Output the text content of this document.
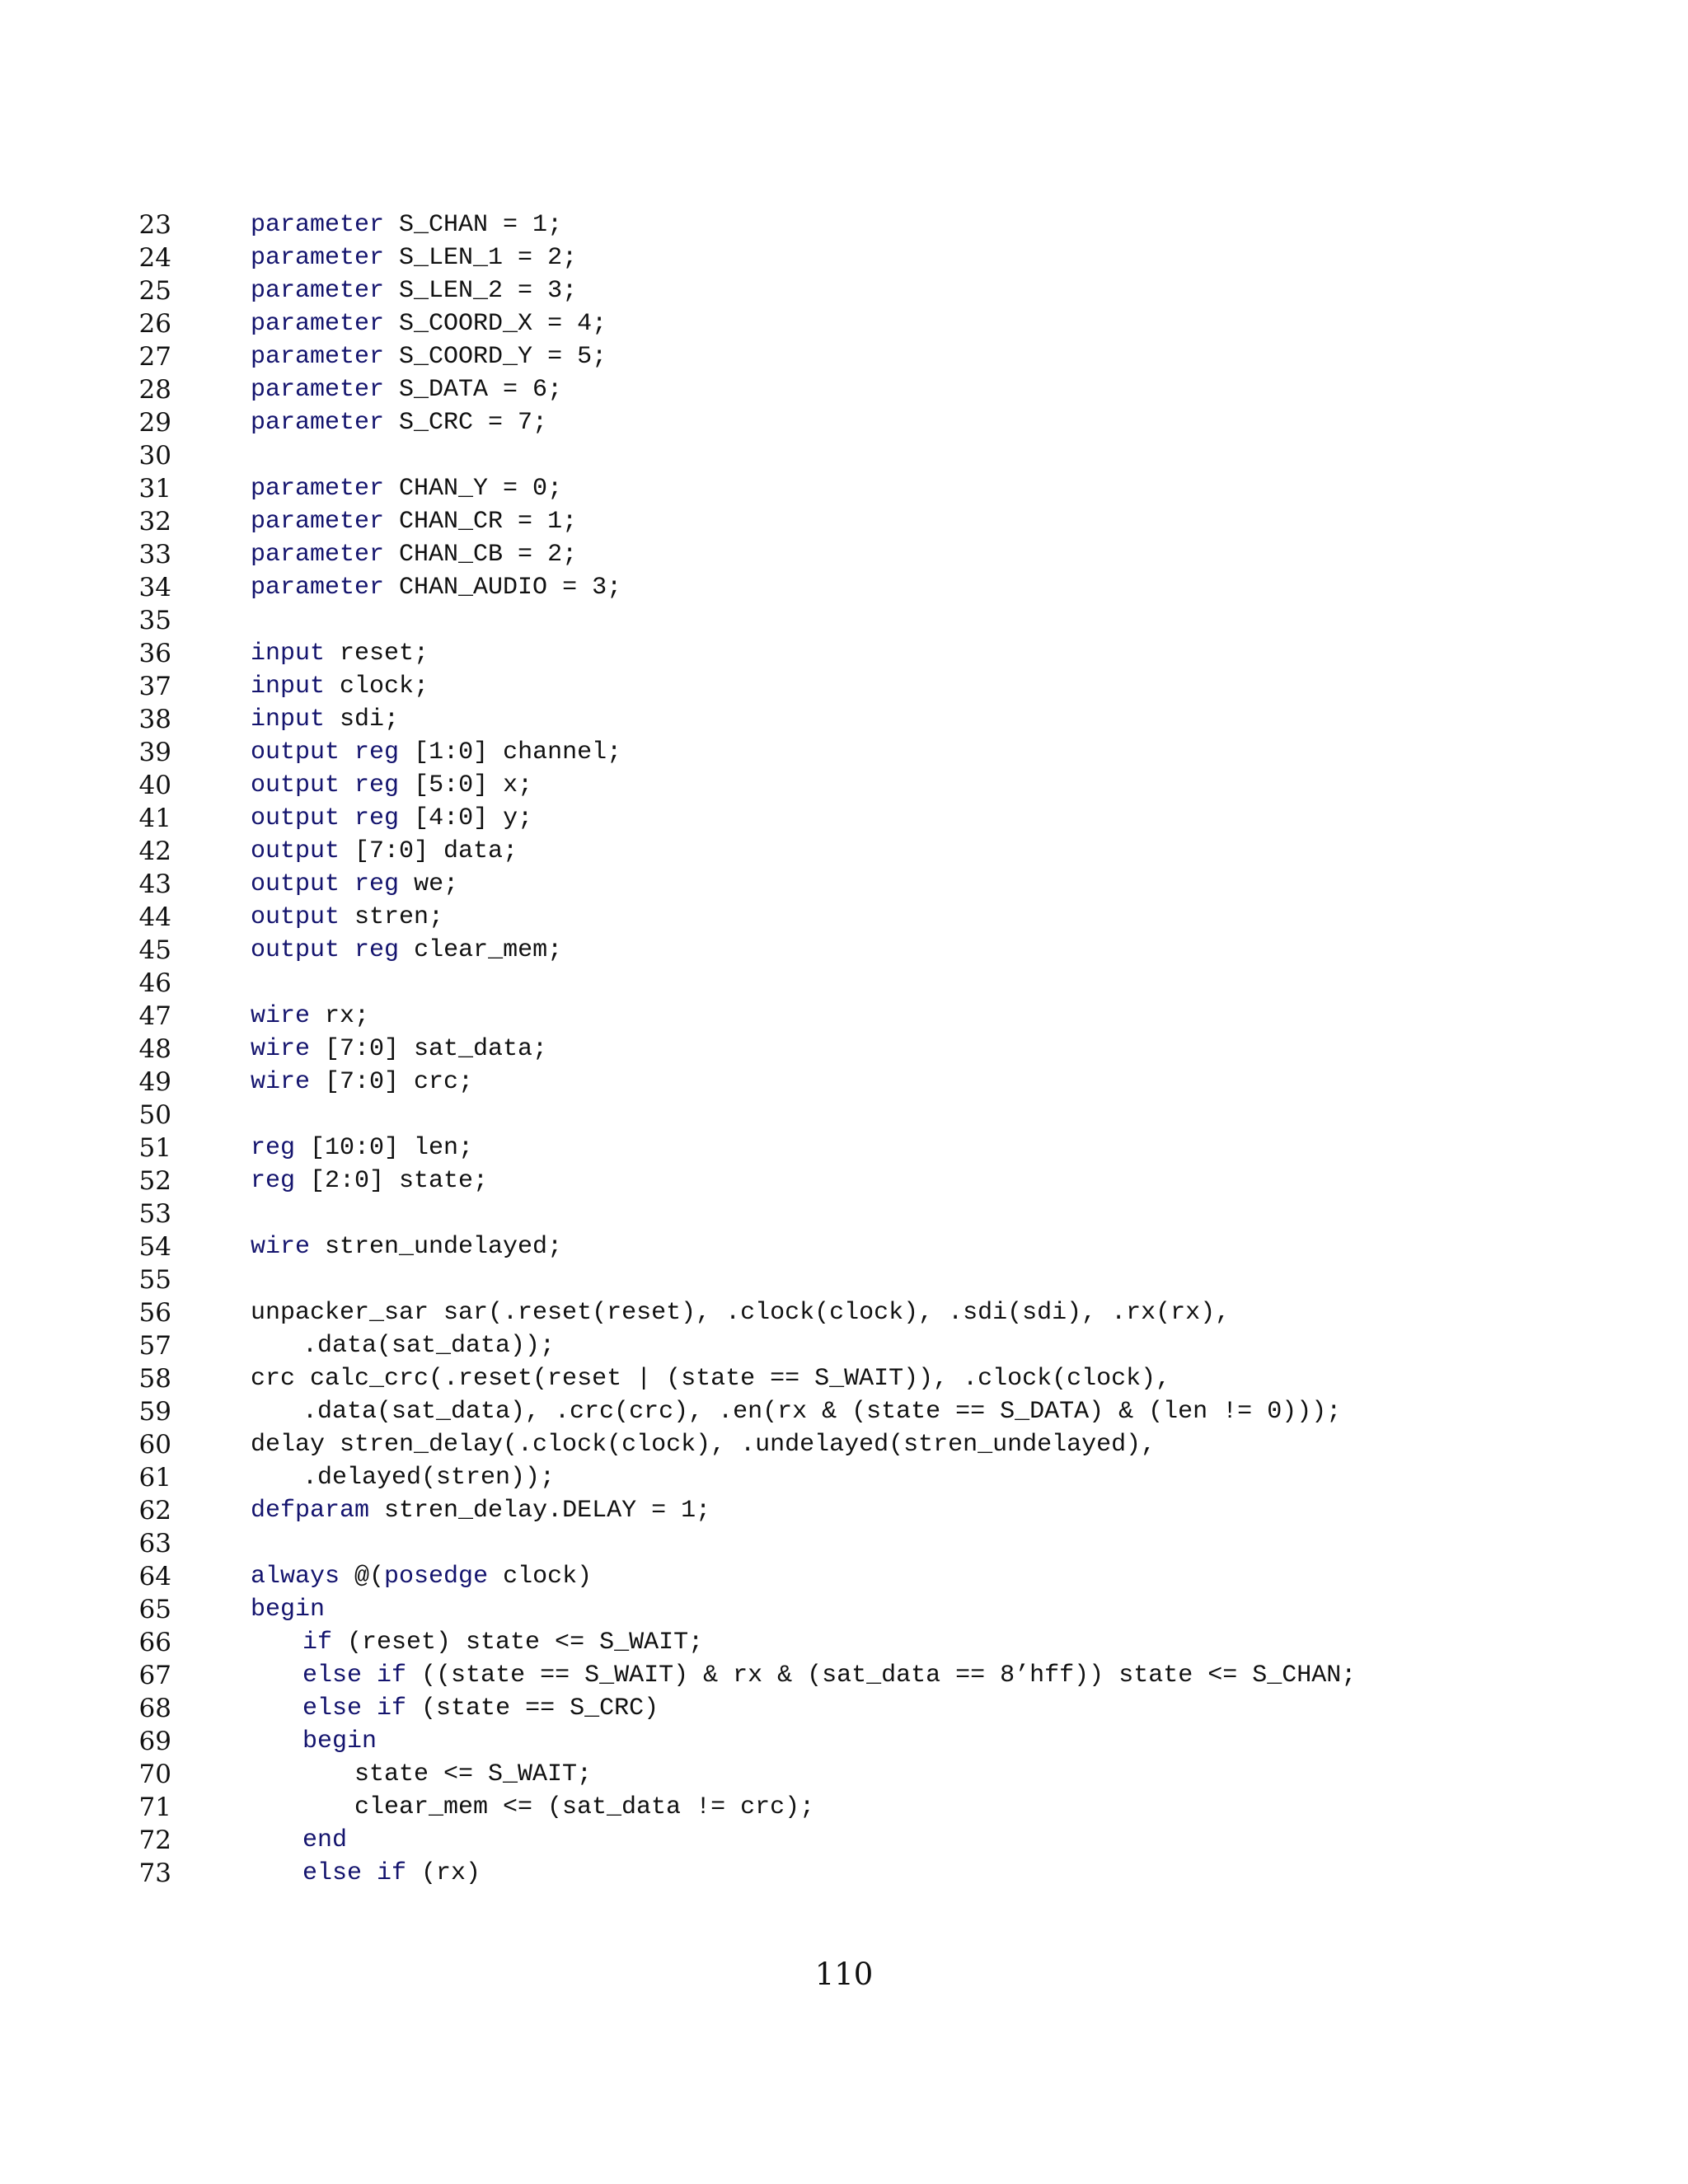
23	parameter S_CHAN = 1;
24	parameter S_LEN_1 = 2;
25	parameter S_LEN_2 = 3;
26	parameter S_COORD_X = 4;
27	parameter S_COORD_Y = 5;
28	parameter S_DATA = 6;
29	parameter S_CRC = 7;
30
31	parameter CHAN_Y = 0;
32	parameter CHAN_CR = 1;
33	parameter CHAN_CB = 2;
34	parameter CHAN_AUDIO = 3;
35
36	input reset;
37	input clock;
38	input sdi;
39	output reg [1:0] channel;
40	output reg [5:0] x;
41	output reg [4:0] y;
42	output [7:0] data;
43	output reg we;
44	output stren;
45	output reg clear_mem;
46
47	wire rx;
48	wire [7:0] sat_data;
49	wire [7:0] crc;
50
51	reg [10:0] len;
52	reg [2:0] state;
53
54	wire stren_undelayed;
55
56	unpacker_sar sar(.reset(reset), .clock(clock), .sdi(sdi), .rx(rx),
57	.data(sat_data));
58	crc calc_crc(.reset(reset | (state == S_WAIT)), .clock(clock),
59	.data(sat_data), .crc(crc), .en(rx & (state == S_DATA) & (len != 0)));
60	delay stren_delay(.clock(clock), .undelayed(stren_undelayed),
61	.delayed(stren));
62	defparam stren_delay.DELAY = 1;
63
64	always @(posedge clock)
65	begin
66	if (reset) state <= S_WAIT;
67	else if ((state == S_WAIT) & rx & (sat_data == 8’hff)) state <= S_CHAN;
68	else if (state == S_CRC)
69	begin
70	state <= S_WAIT;
71	clear_mem <= (sat_data != crc);
72	end
73	else if (rx)
110
